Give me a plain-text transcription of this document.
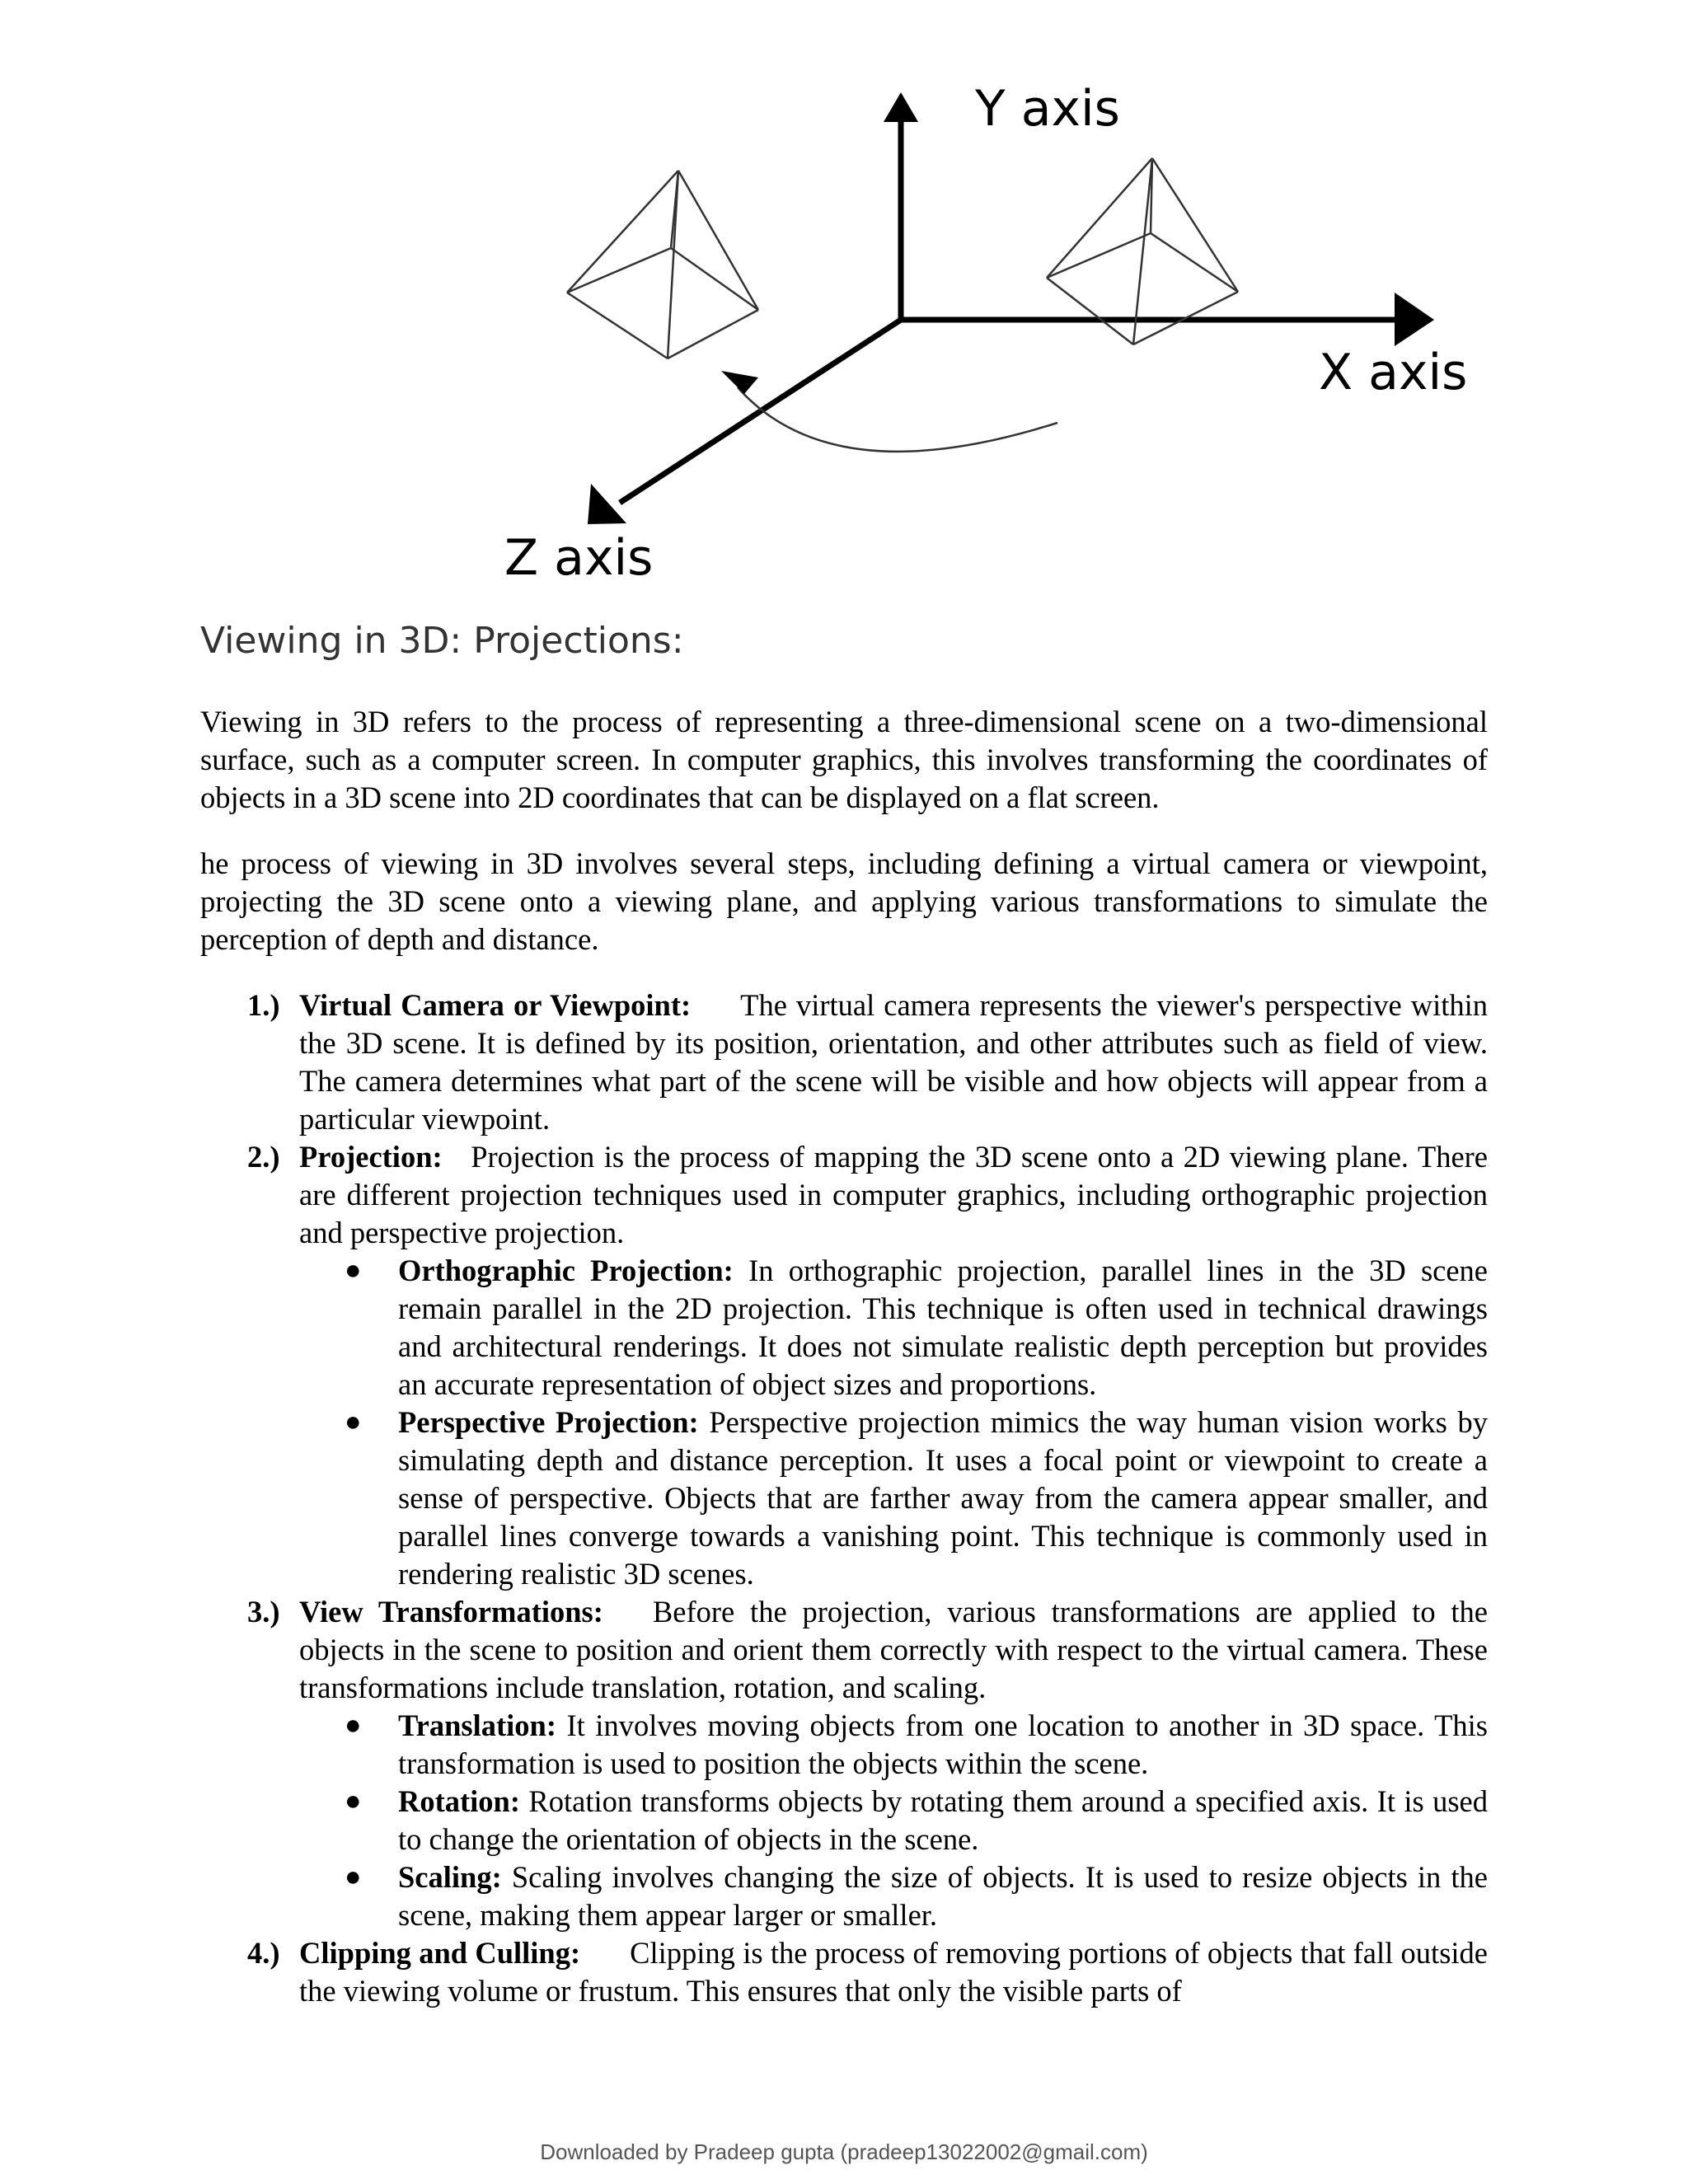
Y axis
X axis
Z axis
Viewing in 3D: Projections:

Viewing in 3D refers to the process of representing a three-dimensional scene on a two-dimensional surface, such as a computer screen. In computer graphics, this involves transforming the coordinates of objects in a 3D scene into 2D coordinates that can be displayed on a flat screen.

he process of viewing in 3D involves several steps, including defining a virtual camera or viewpoint, projecting the 3D scene onto a viewing plane, and applying various transformations to simulate the perception of depth and distance.

1.) Virtual Camera or Viewpoint: The virtual camera represents the viewer's perspective within the 3D scene. It is defined by its position, orientation, and other attributes such as field of view. The camera determines what part of the scene will be visible and how objects will appear from a particular viewpoint.
2.) Projection: Projection is the process of mapping the 3D scene onto a 2D viewing plane. There are different projection techniques used in computer graphics, including orthographic projection and perspective projection.
● Orthographic Projection: In orthographic projection, parallel lines in the 3D scene remain parallel in the 2D projection. This technique is often used in technical drawings and architectural renderings. It does not simulate realistic depth perception but provides an accurate representation of object sizes and proportions.
● Perspective Projection: Perspective projection mimics the way human vision works by simulating depth and distance perception. It uses a focal point or viewpoint to create a sense of perspective. Objects that are farther away from the camera appear smaller, and parallel lines converge towards a vanishing point. This technique is commonly used in rendering realistic 3D scenes.
3.) View Transformations: Before the projection, various transformations are applied to the objects in the scene to position and orient them correctly with respect to the virtual camera. These transformations include translation, rotation, and scaling.
● Translation: It involves moving objects from one location to another in 3D space. This transformation is used to position the objects within the scene.
● Rotation: Rotation transforms objects by rotating them around a specified axis. It is used to change the orientation of objects in the scene.
● Scaling: Scaling involves changing the size of objects. It is used to resize objects in the scene, making them appear larger or smaller.
4.) Clipping and Culling: Clipping is the process of removing portions of objects that fall outside the viewing volume or frustum. This ensures that only the visible parts of
Downloaded by Pradeep gupta (pradeep13022002@gmail.com)
